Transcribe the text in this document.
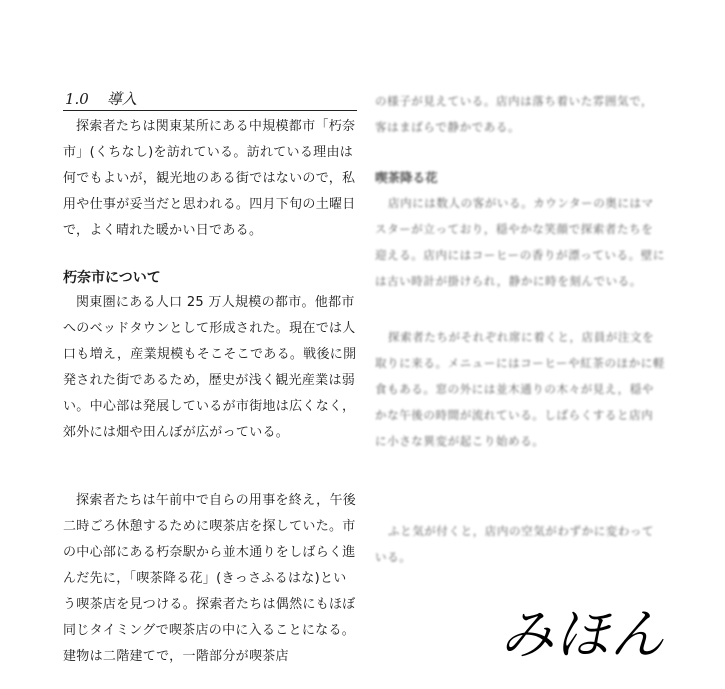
1.0 導入

探索者たちは関東某所にある中規模都市「朽奈市」(くちなし)を訪れている。訪れている理由は何でもよいが，観光地のある街ではないので，私用や仕事が妥当だと思われる。四月下旬の土曜日で，よく晴れた暖かい日である。

朽奈市について

関東圏にある人口 25 万人規模の都市。他都市へのベッドタウンとして形成された。現在では人口も増え，産業規模もそこそこである。戦後に開発された街であるため，歴史が浅く観光産業は弱い。中心部は発展しているが市街地は広くなく，郊外には畑や田んぼが広がっている。

探索者たちは午前中で自らの用事を終え，午後二時ごろ休憩するために喫茶店を探していた。市の中心部にある朽奈駅から並木通りをしばらく進んだ先に，「喫茶降る花」(きっさふるはな)という喫茶店を見つける。探索者たちは偶然にもほぼ同じタイミングで喫茶店の中に入ることになる。建物は二階建てで，一階部分が喫茶店

の様子が見えている。店内は落ち着いた雰囲気で，客はまばらで静かである。

喫茶降る花

店内には数人の客がいる。カウンターの奥にはマスターが立っており，穏やかな笑顔で探索者たちを迎える。店内にはコーヒーの香りが漂っている。壁には古い時計が掛けられ，静かに時を刻んでいる。

探索者たちがそれぞれ席に着くと，店員が注文を取りに来る。メニューにはコーヒーや紅茶のほかに軽食もある。窓の外には並木通りの木々が見え，穏やかな午後の時間が流れている。しばらくすると店内に小さな異変が起こり始める。

ふと気が付くと，店内の空気がわずかに変わっている。

みほん
